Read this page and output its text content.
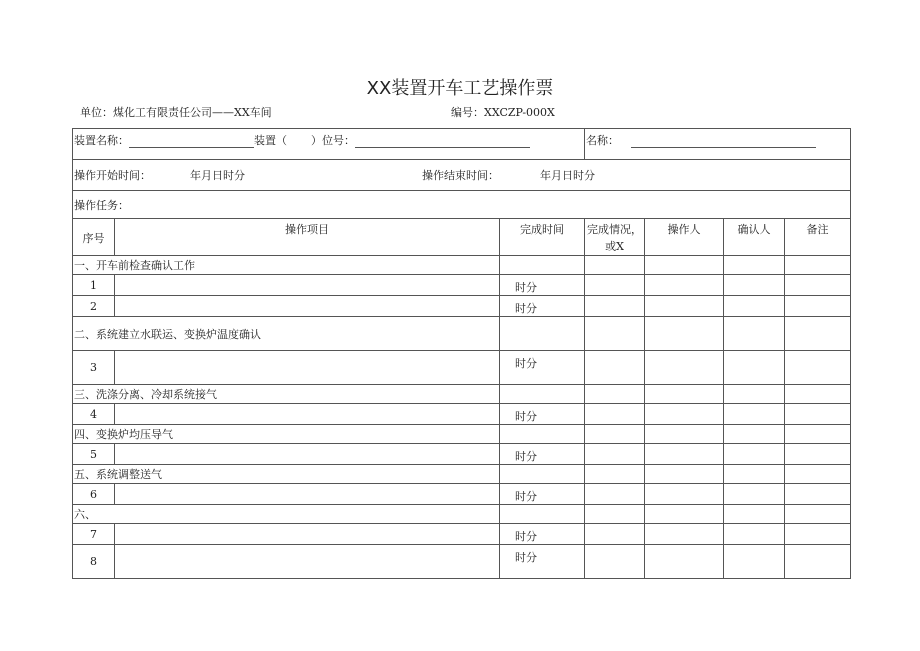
XX装置开车工艺操作票
单位：煤化工有限责任公司——XX车间	编号：XXCZP-000X
装置名称： 装置（ ）位号：			名称：			
操作开始时间： 年月日时分 操作结束时间： 年月日时分						
操作任务：						
序号	操作项目	完成时间	完成情况，
或X	操作人	确认人	备注
一、开车前检查确认工作						
1		时分				
2		时分				
二、系统建立水联运、变换炉温度确认						
3		时分				
三、洗涤分离、冷却系统接气						
4		时分				
四、变换炉均压导气						
5		时分				
五、系统调整送气						
6		时分				
六、						
7		时分				
8		时分				
